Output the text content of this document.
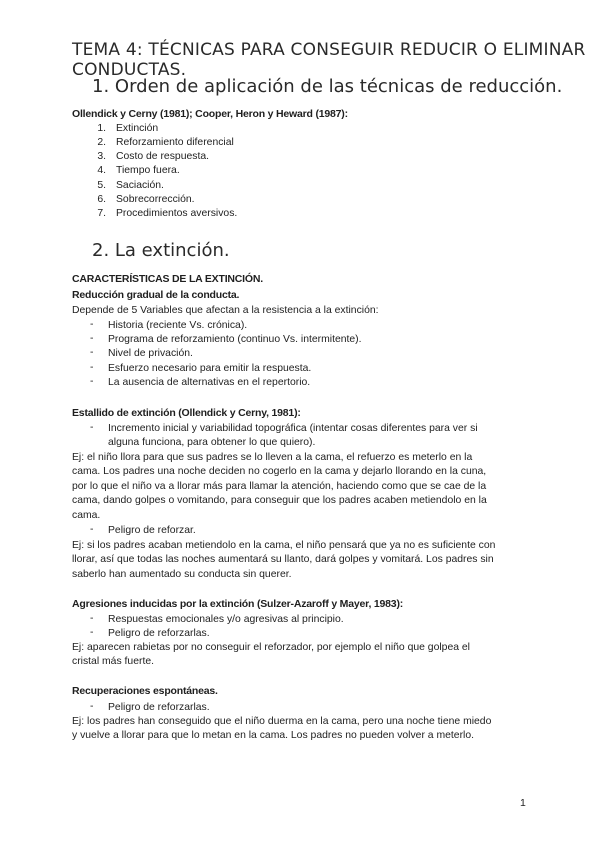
TEMA 4: TÉCNICAS PARA CONSEGUIR REDUCIR O ELIMINAR CONDUCTAS.
1. Orden de aplicación de las técnicas de reducción.
Ollendick y Cerny (1981); Cooper, Heron y Heward (1987):
1. Extinción
2. Reforzamiento diferencial
3. Costo de respuesta.
4. Tiempo fuera.
5. Saciación.
6. Sobrecorrección.
7. Procedimientos aversivos.
2. La extinción.
CARACTERÍSTICAS DE LA EXTINCIÓN.
Reducción gradual de la conducta.
Depende de 5 Variables que afectan a la resistencia a la extinción:
- Historia (reciente Vs. crónica).
- Programa de reforzamiento (continuo Vs. intermitente).
- Nivel de privación.
- Esfuerzo necesario para emitir la respuesta.
- La ausencia de alternativas en el repertorio.
Estallido de extinción (Ollendick y Cerny, 1981):
- Incremento inicial y variabilidad topográfica (intentar cosas diferentes para ver si
alguna funciona, para obtener lo que quiero).
Ej: el niño llora para que sus padres se lo lleven a la cama, el refuerzo es meterlo en la
cama. Los padres una noche deciden no cogerlo en la cama y dejarlo llorando en la cuna,
por lo que el niño va a llorar más para llamar la atención, haciendo como que se cae de la
cama, dando golpes o vomitando, para conseguir que los padres acaben metiendolo en la
cama.
- Peligro de reforzar.
Ej: si los padres acaban metiendolo en la cama, el niño pensará que ya no es suficiente con
llorar, así que todas las noches aumentará su llanto, dará golpes y vomitará. Los padres sin
saberlo han aumentado su conducta sin querer.
Agresiones inducidas por la extinción (Sulzer-Azaroff y Mayer, 1983):
- Respuestas emocionales y/o agresivas al principio.
- Peligro de reforzarlas.
Ej: aparecen rabietas por no conseguir el reforzador, por ejemplo el niño que golpea el
cristal más fuerte.
Recuperaciones espontáneas.
- Peligro de reforzarlas.
Ej: los padres han conseguido que el niño duerma en la cama, pero una noche tiene miedo
y vuelve a llorar para que lo metan en la cama. Los padres no pueden volver a meterlo.
1
